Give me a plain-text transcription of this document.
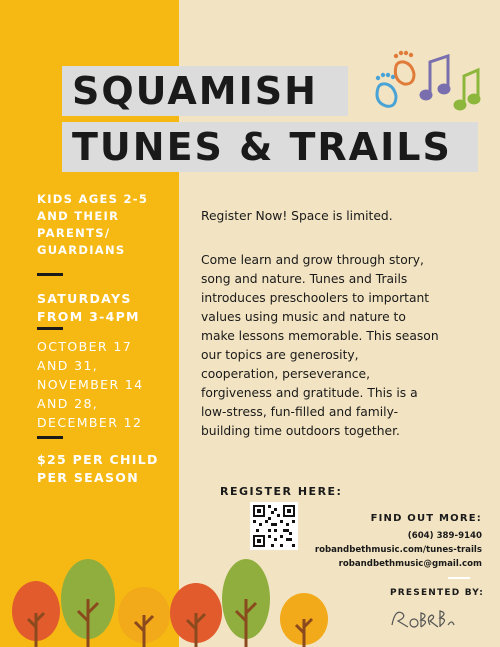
SQUAMISH
TUNES & TRAILS
KIDS AGES 2-5
AND THEIR
PARENTS/
GUARDIANS
SATURDAYS
FROM 3-4PM
OCTOBER 17
AND 31,
NOVEMBER 14
AND 28,
DECEMBER 12
$25 PER CHILD
PER SEASON
Register Now! Space is limited.
Come learn and grow through story,
song and nature. Tunes and Trails
introduces preschoolers to important
values using music and nature to
make lessons memorable. This season
our topics are generosity,
cooperation, perseverance,
forgiveness and gratitude. This is a
low-stress, fun-filled and family-
building time outdoors together.
REGISTER HERE:
FIND OUT MORE:
(604) 389-9140
robandbethmusic.com/tunes-trails
robandbethmusic@gmail.com
PRESENTED BY:
